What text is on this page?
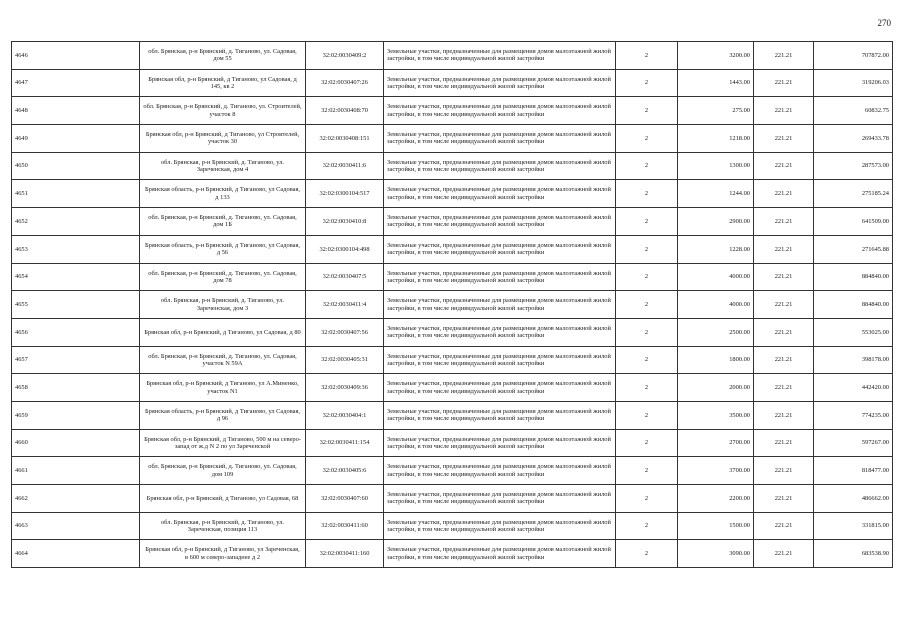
270
4646	обл. Брянская, р-н Брянский, д. Тиганово, ул. Садовая, дом 55	32:02:0030409:2	Земельные участки, предназначенные для размещения домов малоэтажной жилой застройки, в том числе индивидуальной жилой застройки	2	3200.00	221.21	707872.00
4647	Брянская обл, р-н Брянский, д Тиганово, ул Садовая, д 145, кв 2	32:02:0030407:26	Земельные участки, предназначенные для размещения домов малоэтажной жилой застройки, в том числе индивидуальной жилой застройки	2	1443.00	221.21	319206.03
4648	обл. Брянская, р-н Брянский, д. Тиганово, ул. Строителей, участок 8	32:02:0030408:70	Земельные участки, предназначенные для размещения домов малоэтажной жилой застройки, в том числе индивидуальной жилой застройки	2	275.00	221.21	60832.75
4649	Брянская обл, р-н Брянский, д Тиганово, ул Строителей, участок 30	32:02:0030408:151	Земельные участки, предназначенные для размещения домов малоэтажной жилой застройки, в том числе индивидуальной жилой застройки	2	1218.00	221.21	269433.78
4650	обл. Брянская, р-н Брянский, д. Тиганово, ул. Зареченская, дом 4	32:02:0030411:6	Земельные участки, предназначенные для размещения домов малоэтажной жилой застройки, в том числе индивидуальной жилой застройки	2	1300.00	221.21	287573.00
4651	Брянская область, р-н Брянский, д Тиганово, ул Садовая, д 133	32:02:0300104:517	Земельные участки, предназначенные для размещения домов малоэтажной жилой застройки, в том числе индивидуальной жилой застройки	2	1244.00	221.21	275185.24
4652	обл. Брянская, р-н Брянский, д. Тиганово, ул. Садовая, дом 1Б	32:02:0030410:8	Земельные участки, предназначенные для размещения домов малоэтажной жилой застройки, в том числе индивидуальной жилой застройки	2	2900.00	221.21	641509.00
4653	Брянская область, р-н Брянский, д Тиганово, ул Садовая, д 56	32:02:0300104:498	Земельные участки, предназначенные для размещения домов малоэтажной жилой застройки, в том числе индивидуальной жилой застройки	2	1228.00	221.21	271645.88
4654	обл. Брянская, р-н Брянский, д. Тиганово, ул. Садовая, дом 78	32:02:0030407:5	Земельные участки, предназначенные для размещения домов малоэтажной жилой застройки, в том числе индивидуальной жилой застройки	2	4000.00	221.21	884840.00
4655	обл. Брянская, р-н Брянский, д. Тиганово, ул. Зареченская, дом 3	32:02:0030411:4	Земельные участки, предназначенные для размещения домов малоэтажной жилой застройки, в том числе индивидуальной жилой застройки	2	4000.00	221.21	884840.00
4656	Брянская обл, р-н Брянский, д Тиганово, ул Садовая, д 80	32:02:0030407:56	Земельные участки, предназначенные для размещения домов малоэтажной жилой застройки, в том числе индивидуальной жилой застройки	2	2500.00	221.21	553025.00
4657	обл. Брянская, р-н Брянский, д. Тиганово, ул. Садовая, участок N 59А	32:02:0030405:31	Земельные участки, предназначенные для размещения домов малоэтажной жилой застройки, в том числе индивидуальной жилой застройки	2	1800.00	221.21	398178.00
4658	Брянская обл, р-н Брянский, д Тиганово, ул А.Миненко, участок N1	32:02:0030409:36	Земельные участки, предназначенные для размещения домов малоэтажной жилой застройки, в том числе индивидуальной жилой застройки	2	2000.00	221.21	442420.00
4659	Брянская область, р-н Брянский, д Тиганово, ул Садовая, д 96	32:02:0030404:1	Земельные участки, предназначенные для размещения домов малоэтажной жилой застройки, в том числе индивидуальной жилой застройки	2	3500.00	221.21	774235.00
4660	Брянская обл, р-н Брянский, д Тиганово, 500 м на северо-запад от ж.д N 2 по ул Зареченской	32:02:0030411:154	Земельные участки, предназначенные для размещения домов малоэтажной жилой застройки, в том числе индивидуальной жилой застройки	2	2700.00	221.21	597267.00
4661	обл. Брянская, р-н Брянский, д. Тиганово, ул. Садовая, дом 109	32:02:0030405:6	Земельные участки, предназначенные для размещения домов малоэтажной жилой застройки, в том числе индивидуальной жилой застройки	2	3700.00	221.21	818477.00
4662	Брянская обл, р-н Брянский, д Тиганово, ул Садовая, 68	32:02:0030407:60	Земельные участки, предназначенные для размещения домов малоэтажной жилой застройки, в том числе индивидуальной жилой застройки	2	2200.00	221.21	486662.00
4663	обл. Брянская, р-н Брянский, д. Тиганово, ул. Зареченская, позиция 113	32:02:0030411:60	Земельные участки, предназначенные для размещения домов малоэтажной жилой застройки, в том числе индивидуальной жилой застройки	2	1500.00	221.21	331815.00
4664	Брянская обл, р-н Брянский, д Тиганово, ул Зареченская, в 600 м северо-западнее д 2	32:02:0030411:160	Земельные участки, предназначенные для размещения домов малоэтажной жилой застройки, в том числе индивидуальной жилой застройки	2	3090.00	221.21	683538.90
